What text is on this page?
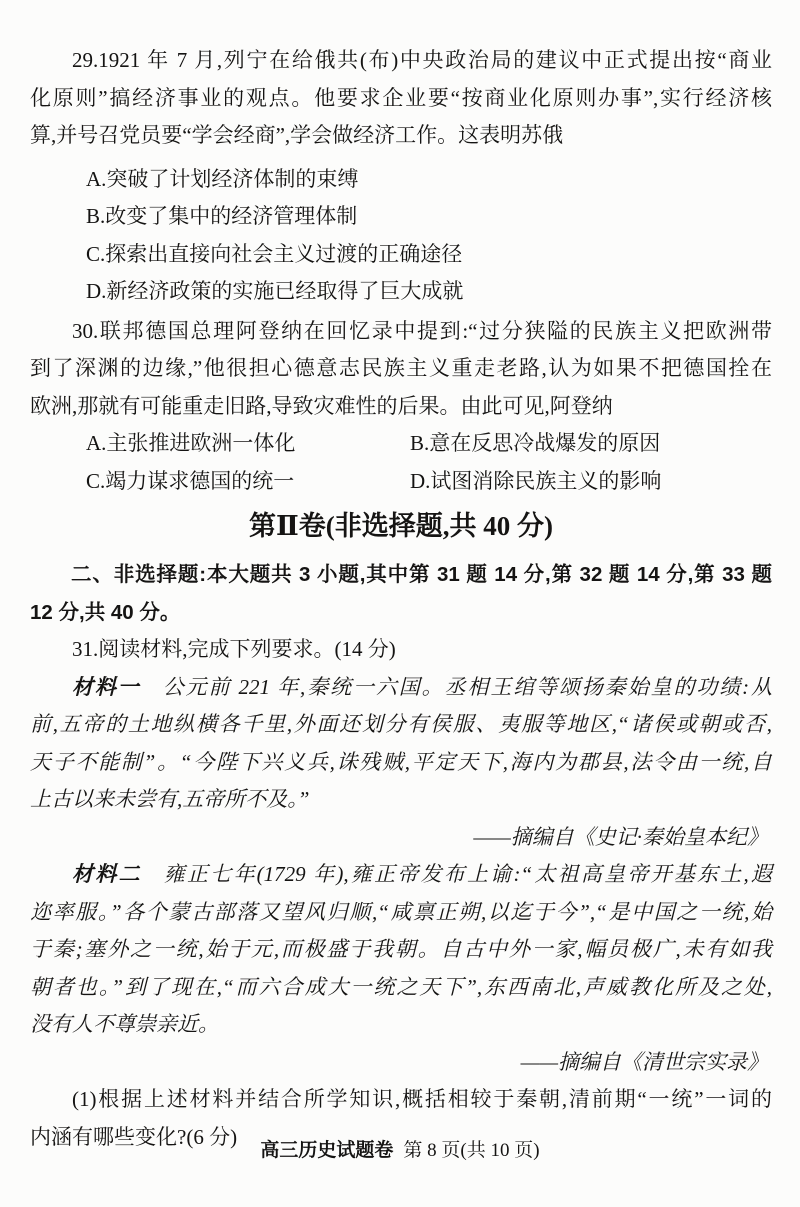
29.1921 年 7 月,列宁在给俄共(布)中央政治局的建议中正式提出按“商业
化原则”搞经济事业的观点。他要求企业要“按商业化原则办事”,实行经济核
算,并号召党员要“学会经商”,学会做经济工作。这表明苏俄
A.突破了计划经济体制的束缚
B.改变了集中的经济管理体制
C.探索出直接向社会主义过渡的正确途径
D.新经济政策的实施已经取得了巨大成就
30.联邦德国总理阿登纳在回忆录中提到:“过分狭隘的民族主义把欧洲带
到了深渊的边缘,”他很担心德意志民族主义重走老路,认为如果不把德国拴在
欧洲,那就有可能重走旧路,导致灾难性的后果。由此可见,阿登纳
A.主张推进欧洲一体化	B.意在反思冷战爆发的原因
C.竭力谋求德国的统一	D.试图消除民族主义的影响
第Ⅱ卷(非选择题,共 40 分)
二、非选择题:本大题共 3 小题,其中第 31 题 14 分,第 32 题 14 分,第 33 题
12 分,共 40 分。
31.阅读材料,完成下列要求。(14 分)
材料一 公元前 221 年,秦统一六国。丞相王绾等颂扬秦始皇的功绩:从
前,五帝的土地纵横各千里,外面还划分有侯服、夷服等地区,“诸侯或朝或否,
天子不能制”。“今陛下兴义兵,诛残贼,平定天下,海内为郡县,法令由一统,自
上古以来未尝有,五帝所不及。”
——摘编自《史记·秦始皇本纪》
材料二 雍正七年(1729 年),雍正帝发布上谕:“太祖高皇帝开基东土,遐
迩率服。”各个蒙古部落又望风归顺,“咸禀正朔,以迄于今”,“是中国之一统,始
于秦;塞外之一统,始于元,而极盛于我朝。自古中外一家,幅员极广,未有如我
朝者也。”到了现在,“而六合成大一统之天下”,东西南北,声威教化所及之处,
没有人不尊崇亲近。
——摘编自《清世宗实录》
(1)根据上述材料并结合所学知识,概括相较于秦朝,清前期“一统”一词的
内涵有哪些变化?(6 分)
高三历史试题卷 第 8 页(共 10 页)
